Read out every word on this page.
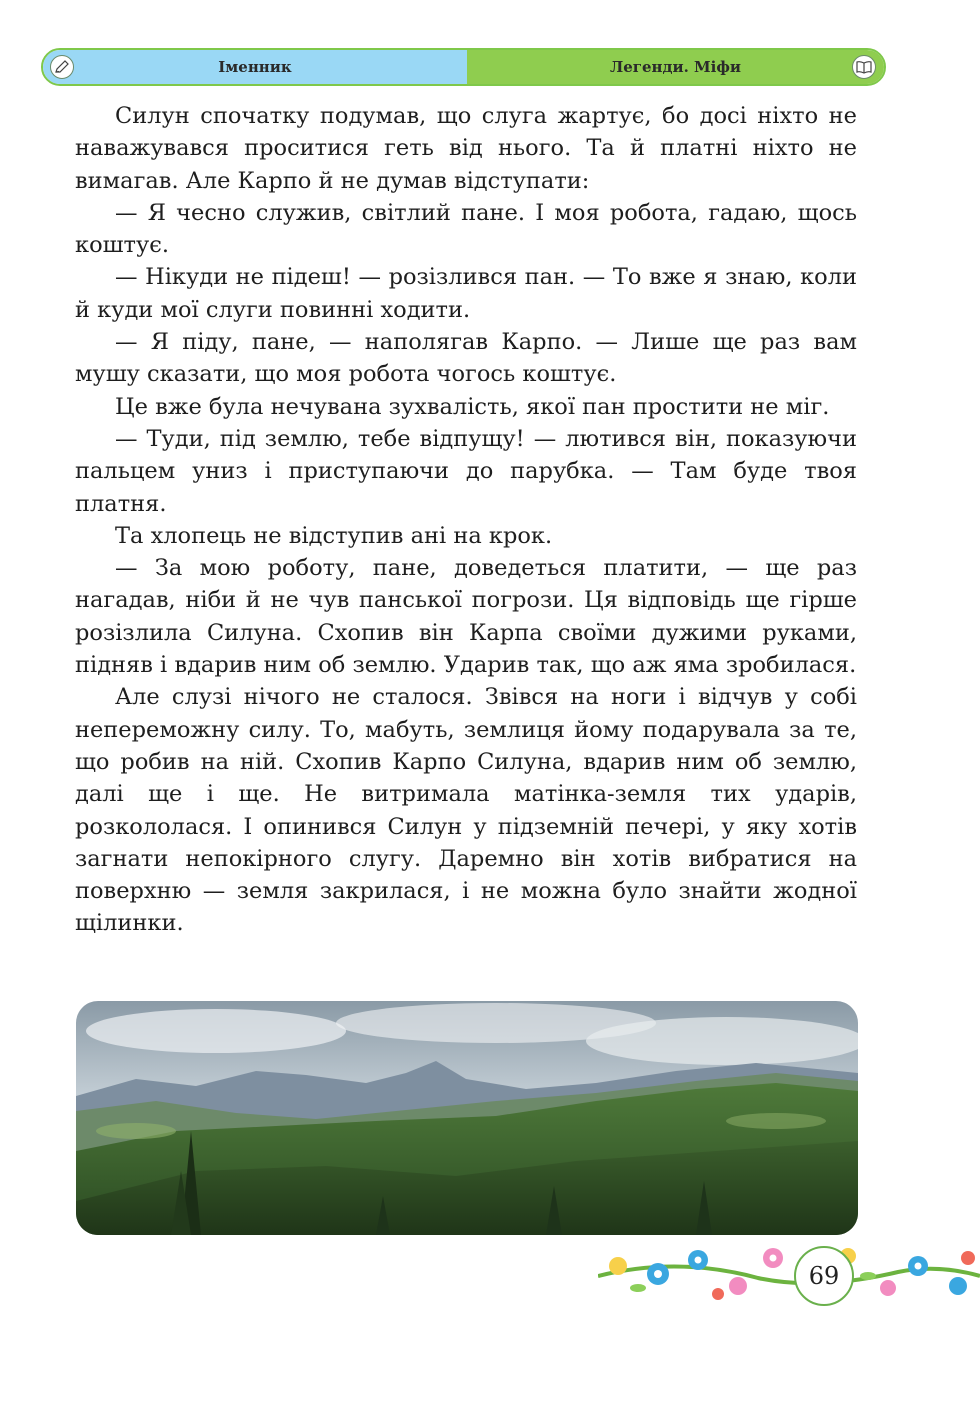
Іменник	Легенди. Міфи

Силун спочатку подумав, що слуга жартує, бо досі ніхто не наважувався проситися геть від нього. Та й платні ніхто не вимагав. Але Карпо й не думав відступати:

— Я чесно служив, світлий пане. І моя робота, гадаю, щось коштує.

— Нікуди не підеш! — розізлився пан. — То вже я знаю, коли й куди мої слуги повинні ходити.

— Я піду, пане, — наполягав Карпо. — Лише ще раз вам мушу сказати, що моя робота чогось коштує.

Це вже була нечувана зухвалість, якої пан простити не міг.

— Туди, під землю, тебе відпущу! — лютився він, показуючи пальцем униз і приступаючи до парубка. — Там буде твоя платня.

Та хлопець не відступив ані на крок.

— За мою роботу, пане, доведеться платити, — ще раз нагадав, ніби й не чув панської погрози. Ця відповідь ще гірше розізлила Силуна. Схопив він Карпа своїми дужими руками, підняв і вдарив ним об землю. Ударив так, що аж яма зробилася.

Але слузі нічого не сталося. Звівся на ноги і відчув у собі непереможну силу. То, мабуть, землиця йому подарувала за те, що робив на ній. Схопив Карпо Силуна, вдарив ним об землю, далі ще і ще. Не витримала матінка-земля тих ударів, розкололася. І опинився Силун у підземній печері, у яку хотів загнати непокірного слугу. Даремно він хотів вибратися на поверхню — земля закрилася, і не можна було знайти жодної щілинки.

69
